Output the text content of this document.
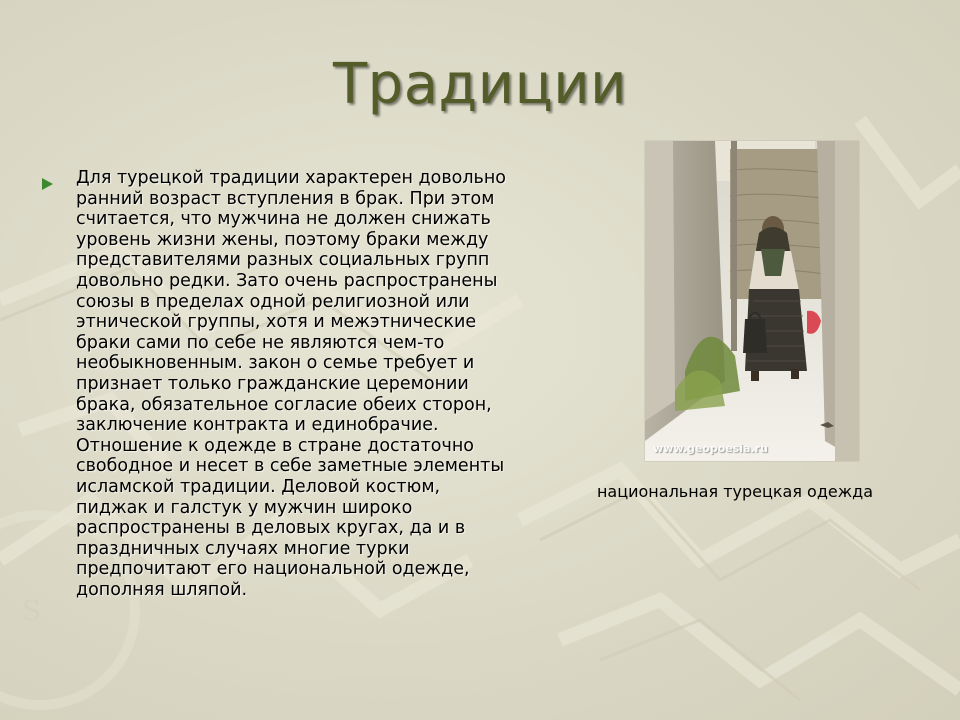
S
Традиции
Для турецкой традиции характерен довольно ранний возраст вступления в брак. При этом считается, что мужчина не должен снижать уровень жизни жены, поэтому браки между представителями разных социальных групп довольно редки. Зато очень распространены союзы в пределах одной религиозной или этнической группы, хотя и межэтнические браки сами по себе не являются чем-то необыкновенным. закон о семье требует и признает только гражданские церемонии брака, обязательное согласие обеих сторон, заключение контракта и единобрачие. Отношение к одежде в стране достаточно свободное и несет в себе заметные элементы исламской традиции. Деловой костюм, пиджак и галстук у мужчин широко распространены в деловых кругах, да и в праздничных случаях многие турки предпочитают его национальной одежде, дополняя шляпой.
www.geopoesia.ru
национальная турецкая одежда
